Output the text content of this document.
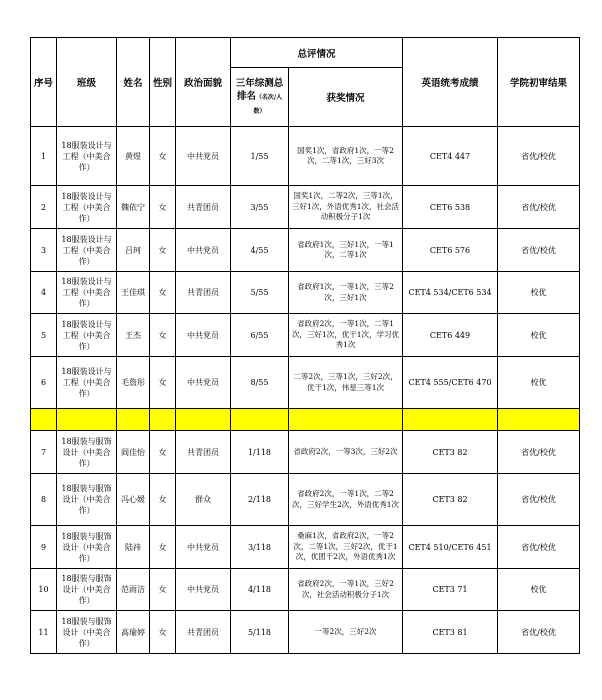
序号	班级	姓名	性别	政治面貌	总评情况		英语统考成绩	学院初审结果
					三年综测总排名（名次/人数）	获奖情况		
1	18服装设计与工程（中美合作）	黄煜	女	中共党员	1/55	国奖1次，省政府1次，一等2次，二等1次，三好3次	CET4 447	省优/校优
2	18服装设计与工程（中美合作）	魏依宁	女	共青团员	3/55	国奖1次，二等2次，三等1次，三好1次，外语优秀1次，社会活动积极分子1次	CET6 538	省优/校优
3	18服装设计与工程（中美合作）	吕珂	女	中共党员	4/55	省政府1次，三好1次，一等1次，二等1次	CET6 576	省优/校优
4	18服装设计与工程（中美合作）	王佳琪	女	共青团员	5/55	省政府1次，一等1次，三等2次，三好1次	CET4 534/CET6 534	校优
5	18服装设计与工程（中美合作）	王杰	女	中共党员	6/55	省政府2次，一等1次，二等1次，三好1次，优干1次，学习优秀1次	CET6 449	校优
6	18服装设计与工程（中美合作）	毛詹彤	女	中共党员	8/55	二等2次，三等1次，三好2次，优干1次，伟星三等1次	CET4 555/CET6 470	校优

7	18服装与服饰设计（中美合作）	阎佳怡	女	共青团员	1/118	省政府2次，一等3次，三好2次	CET3 82	省优/校优
8	18服装与服饰设计（中美合作）	冯心媛	女	群众	2/118	省政府2次，一等1次，二等2次，三好学生2次，外语优秀1次	CET3 82	省优/校优
9	18服装与服饰设计（中美合作）	陆祎	女	中共党员	3/118	桑麻1次，省政府2次，一等2次，二等1次，三好2次，优干1次，优团干2次，外语优秀1次	CET4 510/CET6 451	省优/校优
10	18服装与服饰设计（中美合作）	范雨洁	女	中共党员	4/118	省政府2次，一等1次，三好2次，社会活动积极分子1次	CET3 71	校优
11	18服装与服饰设计（中美合作）	高瑜婷	女	共青团员	5/118	一等2次，三好2次	CET3 81	省优/校优
